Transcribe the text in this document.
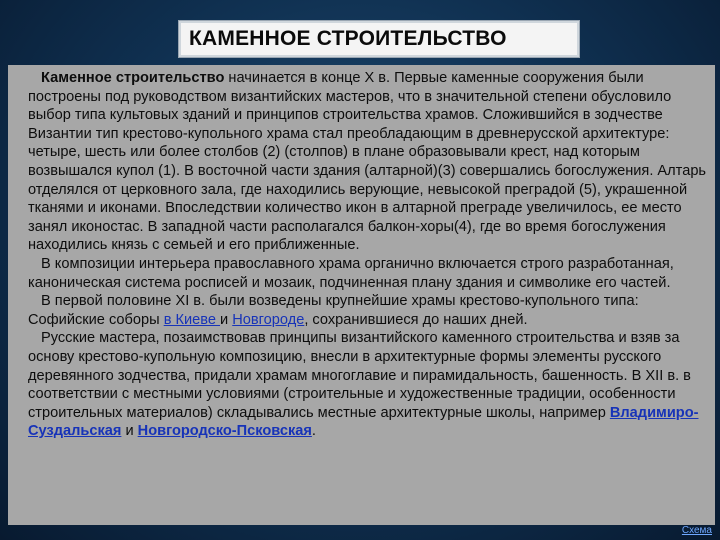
КАМЕННОЕ СТРОИТЕЛЬСТВО

Каменное строительство начинается в конце X в. Первые каменные сооружения были построены под руководством византийских мастеров, что в значительной степени обусловило выбор типа культовых зданий и принципов строительства храмов. Сложившийся в зодчестве Византии тип крестово-купольного храма стал преобладающим в древнерусской архитектуре: четыре, шесть или более столбов (2) (столпов) в плане образовывали крест, над которым возвышался купол (1). В восточной части здания (алтарной)(3) совершались богослужения. Алтарь отделялся от церковного зала, где находились верующие, невысокой преградой (5), украшенной тканями и иконами. Впоследствии количество икон в алтарной преграде увеличилось, ее место занял иконостас. В западной части располагался балкон-хоры(4), где во время богослужения находились князь с семьей и его приближенные.

В композиции интерьера православного храма органично включается строго разработанная, каноническая система росписей и мозаик, подчиненная плану здания и символике его частей.

В первой половине XI в. были возведены крупнейшие храмы крестово-купольного типа: Софийские соборы в Киеве и Новгороде, сохранившиеся до наших дней.

Русские мастера, позаимствовав принципы византийского каменного строительства и взяв за основу крестово-купольную композицию, внесли в архитектурные формы элементы русского деревянного зодчества, придали храмам многоглавие и пирамидальность, башенность. В XII в. в соответствии с местными условиями (строительные и художественные традиции, особенности строительных материалов) складывались местные архитектурные школы, например Владимиро-Суздальская и Новгородско-Псковская.

Схема
